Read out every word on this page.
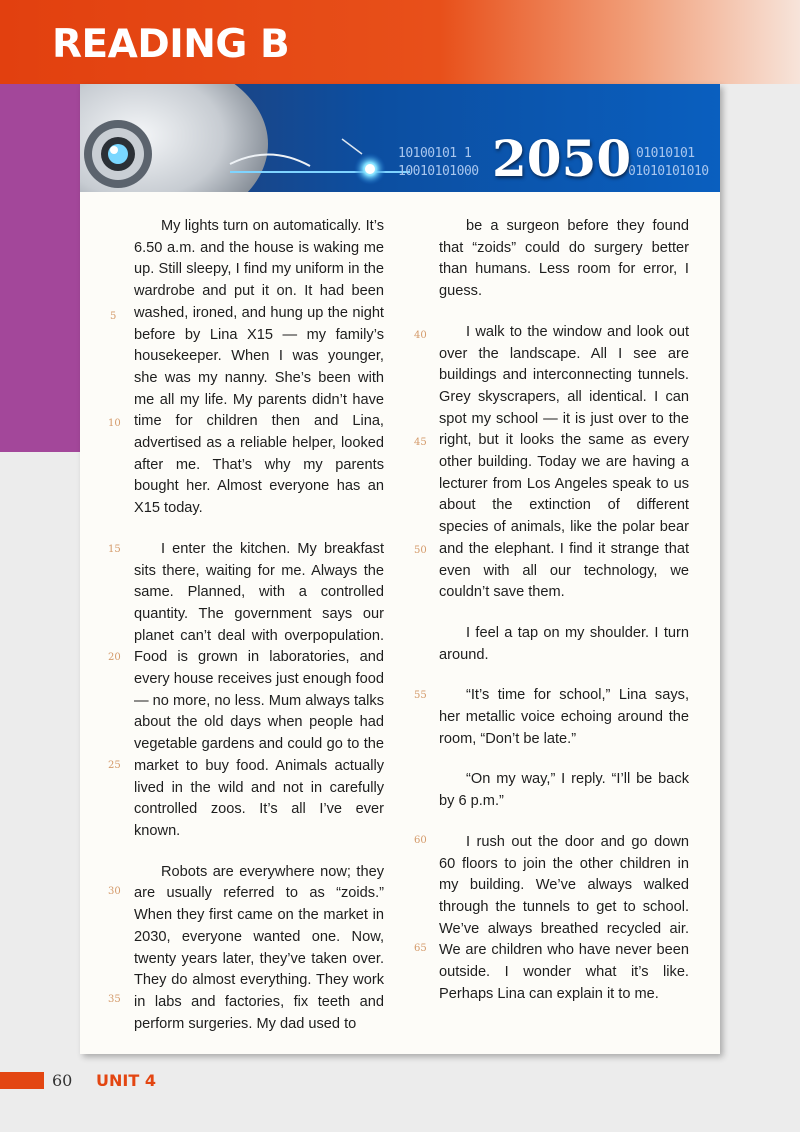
READING B
10100101 1
10010101000
01010101
01010101010
2050

My lights turn on automatically. It’s 6.50 a.m. and the house is waking me up. Still sleepy, I find my uniform in the wardrobe and put it on. It had been washed, ironed, and hung up the night before by Lina X15 — my family’s housekeeper. When I was younger, she was my nanny. She’s been with me all my life. My parents didn’t have time for children then and Lina, advertised as a reliable helper, looked after me. That’s why my parents bought her. Almost everyone has an X15 today.

I enter the kitchen. My breakfast sits there, waiting for me. Always the same. Planned, with a controlled quantity. The government says our planet can’t deal with overpopulation. Food is grown in laboratories, and every house receives just enough food — no more, no less. Mum always talks about the old days when people had vegetable gardens and could go to the market to buy food. Animals actually lived in the wild and not in carefully controlled zoos. It’s all I’ve ever known.

Robots are everywhere now; they are usually referred to as “zoids.” When they first came on the market in 2030, everyone wanted one. Now, twenty years later, they’ve taken over. They do almost everything. They work in labs and factories, fix teeth and perform surgeries. My dad used to

be a surgeon before they found that “zoids” could do surgery better than humans. Less room for error, I guess.

I walk to the window and look out over the landscape. All I see are buildings and interconnecting tunnels. Grey skyscrapers, all identical. I can spot my school — it is just over to the right, but it looks the same as every other building. Today we are having a lecturer from Los Angeles speak to us about the extinction of different species of animals, like the polar bear and the elephant. I find it strange that even with all our technology, we couldn’t save them.

I feel a tap on my shoulder. I turn around.

“It’s time for school,” Lina says, her metallic voice echoing around the room, “Don’t be late.”

“On my way,” I reply. “I’ll be back by 6 p.m.”

I rush out the door and go down 60 floors to join the other children in my building. We’ve always walked through the tunnels to get to school. We’ve always breathed recycled air. We are children who have never been outside. I wonder what it’s like. Perhaps Lina can explain it to me.

5
10
15
20
25
30
35
40
45
50
55
60
65
60 UNIT 4
